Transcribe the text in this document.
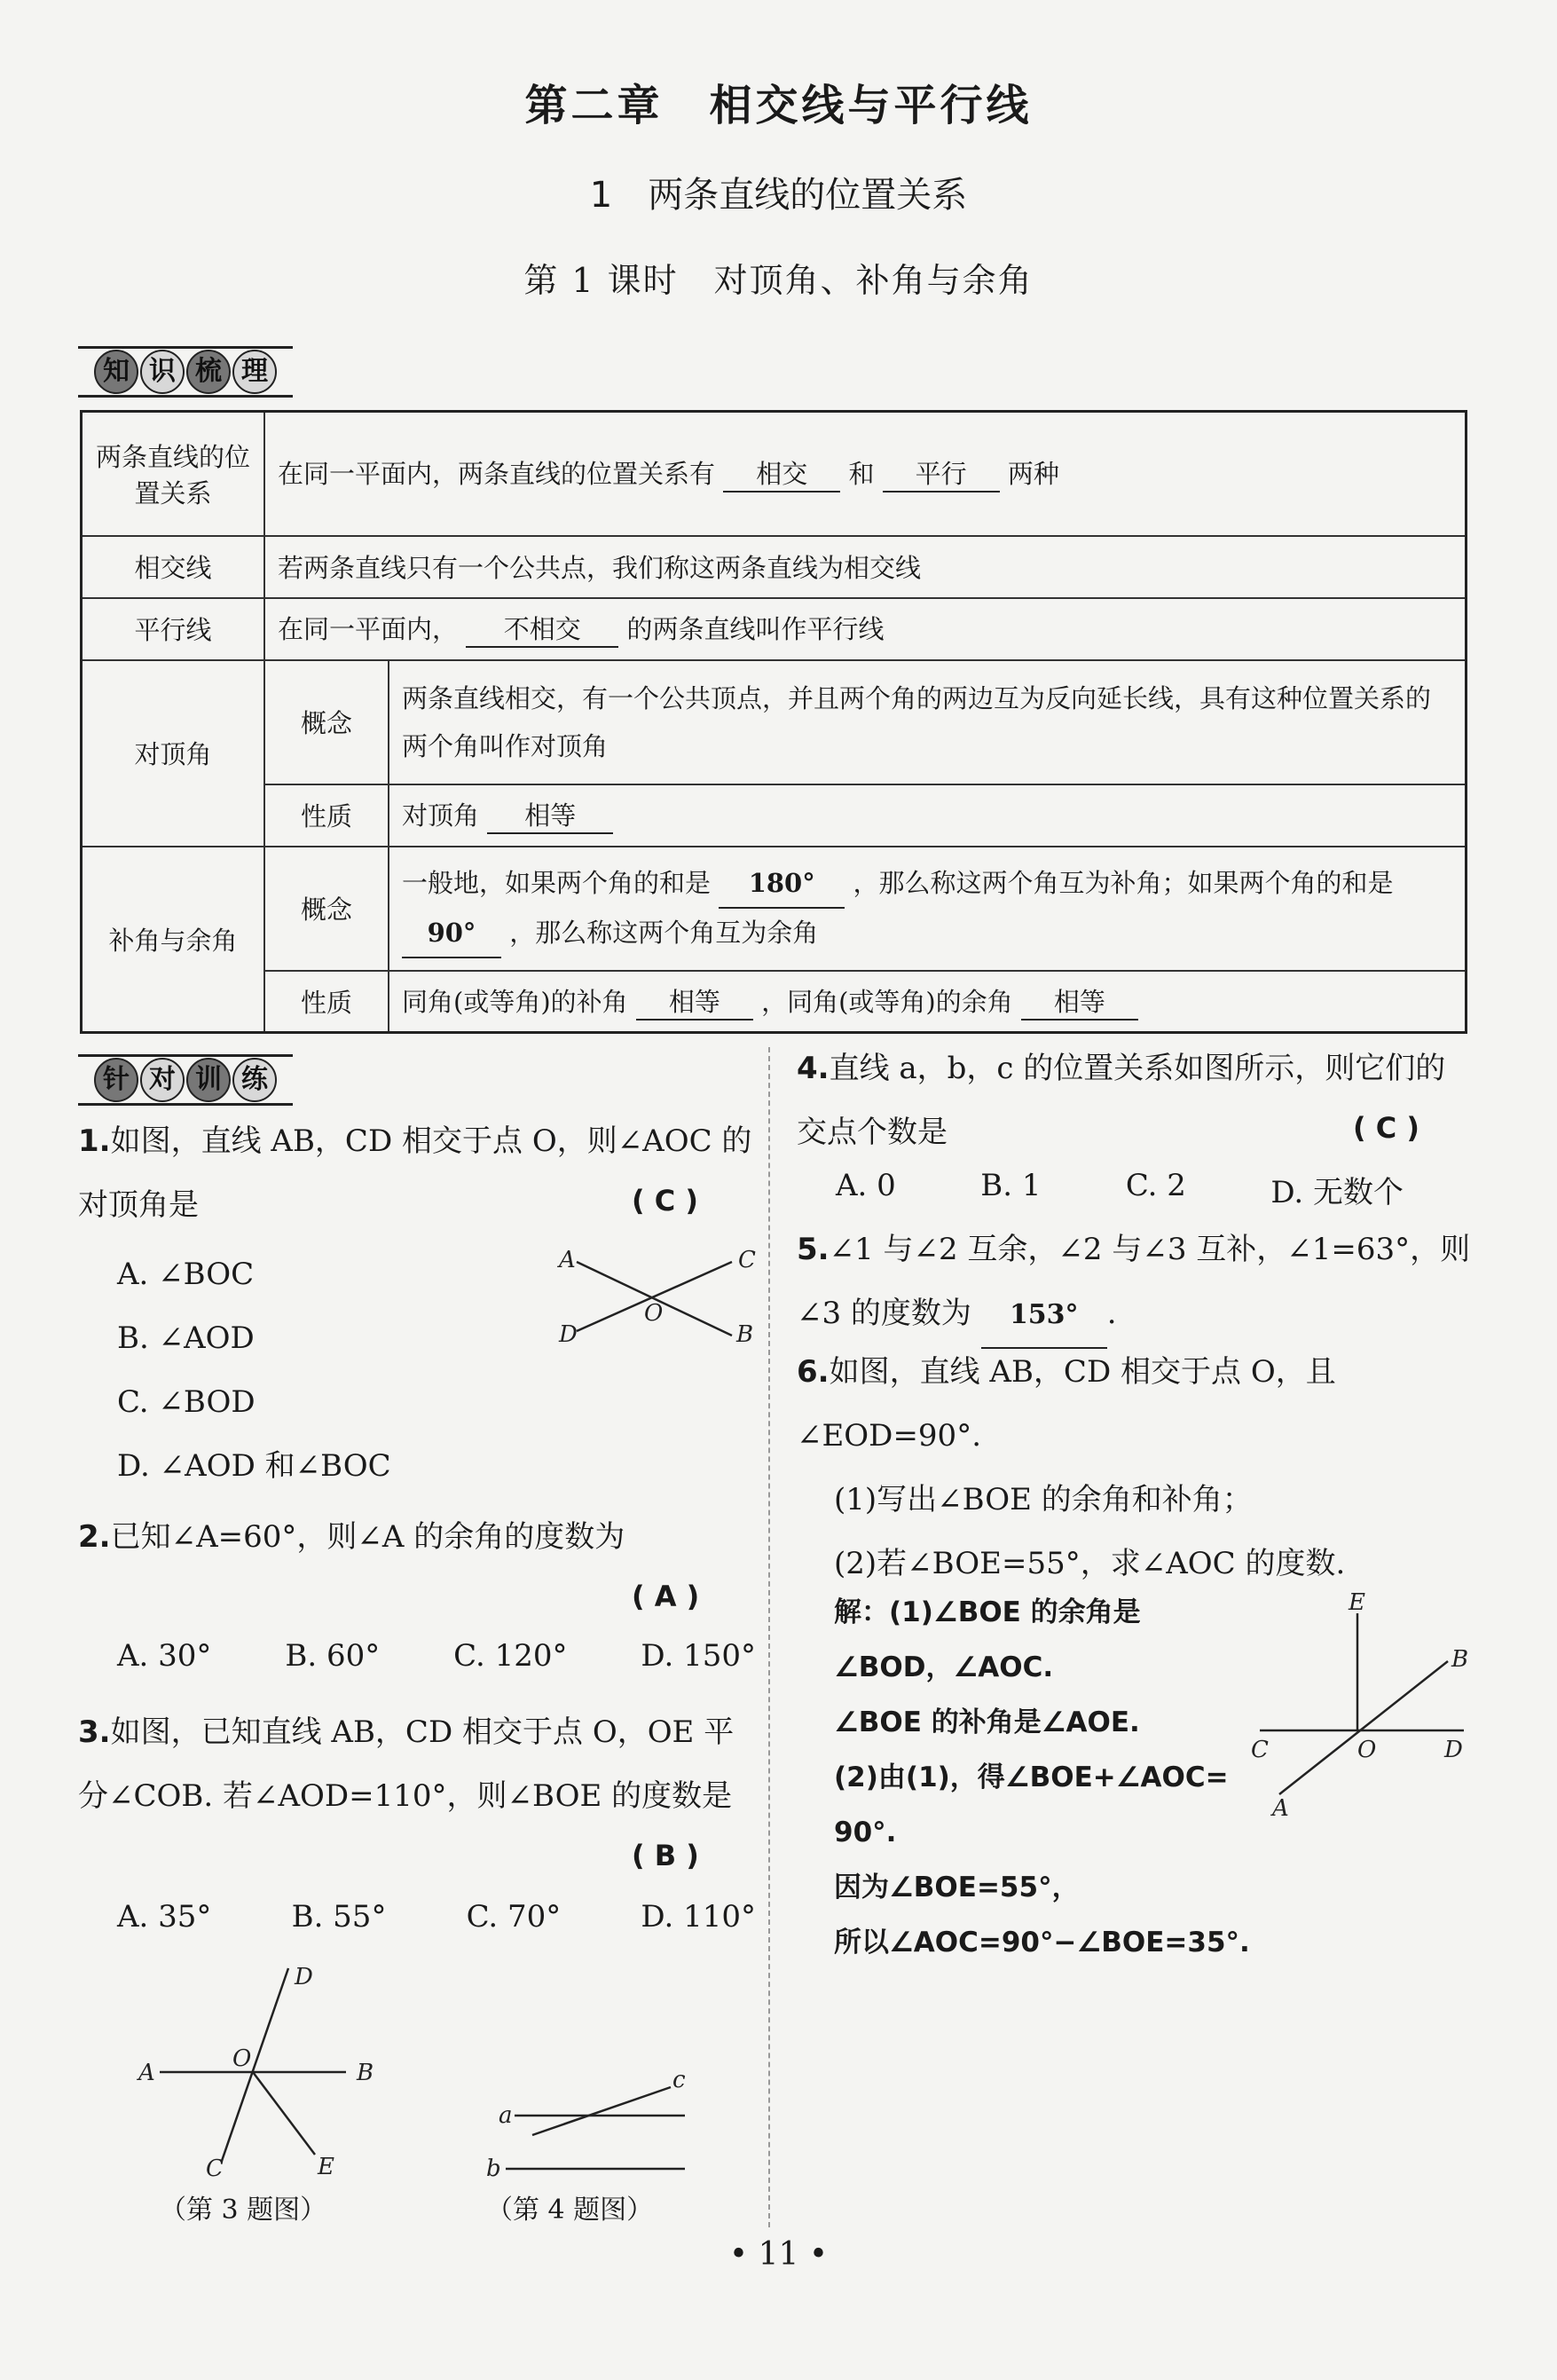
第二章　相交线与平行线
1　两条直线的位置关系
第 1 课时　对顶角、补角与余角
知 识 梳 理
两条直线的位置关系	在同一平面内，两条直线的位置关系有 相交 和 平行 两种	
相交线	若两条直线只有一个公共点，我们称这两条直线为相交线	
平行线	在同一平面内， 不相交 的两条直线叫作平行线	
对顶角	概念	两条直线相交，有一个公共顶点，并且两个角的两边互为反向延长线，具有这种位置关系的两个角叫作对顶角
	性质	对顶角 相等
补角与余角	概念	一般地，如果两个角的和是 180° ，那么称这两个角互为补角；如果两个角的和是 90° ，那么称这两个角互为余角
	性质	同角(或等角)的补角 相等 ，同角(或等角)的余角 相等
针 对 训 练
1.如图，直线 AB，CD 相交于点 O，则∠AOC 的对顶角是	( C )
A. ∠BOC
B. ∠AOD
C. ∠BOD
D. ∠AOD 和∠BOC
A	C
O
D	B
2.已知∠A=60°，则∠A 的余角的度数为
( A )
A. 30° B. 60° C. 120° D. 150°
3.如图，已知直线 AB，CD 相交于点 O，OE 平分∠COB. 若∠AOD=110°，则∠BOE 的度数是
( B )
A. 35°	B. 55°	C. 70°	D. 110°
D
A
O
B
C	E
（第 3 题图）
c
a
b
（第 4 题图）
4.直线 a，b，c 的位置关系如图所示，则它们的交点个数是	( C )
A. 0	B. 1	C. 2	D. 无数个
5.∠1 与∠2 互余，∠2 与∠3 互补，∠1=63°，则∠3 的度数为 153° .
6.如图，直线 AB，CD 相交于点 O，且∠EOD=90°.
(1)写出∠BOE 的余角和补角；
(2)若∠BOE=55°，求∠AOC 的度数.
解：(1)∠BOE 的余角是
∠BOD，∠AOC.
∠BOE 的补角是∠AOE.
(2)由(1)，得∠BOE+∠AOC=
90°.
因为∠BOE=55°，
所以∠AOC=90°−∠BOE=35°.
E
B
C	O	D
A
• 11 •
